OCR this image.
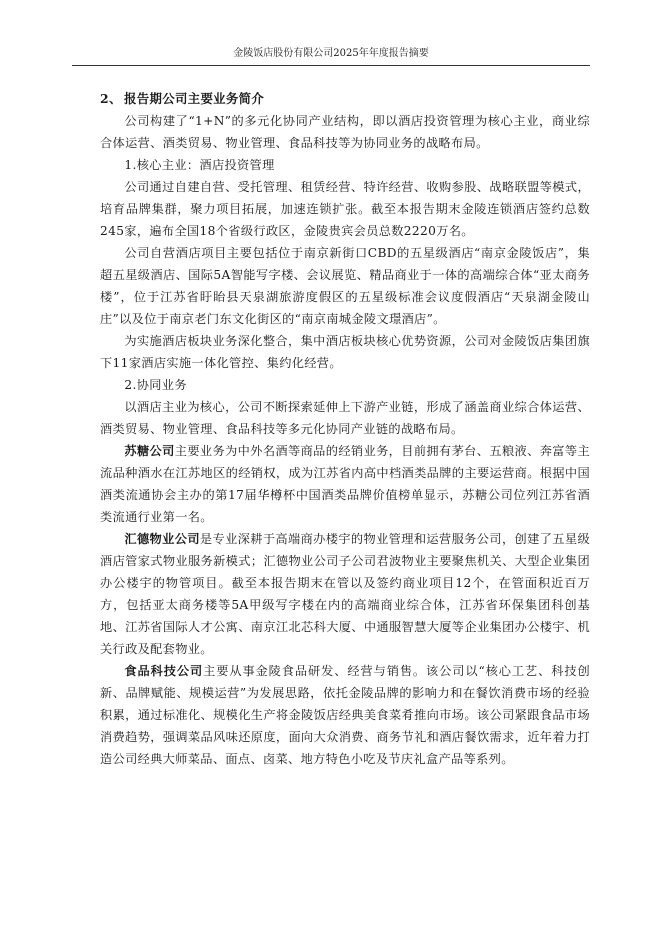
金陵饭店股份有限公司2025年年度报告摘要
2、 报告期公司主要业务简介

公司构建了“1+N”的多元化协同产业结构，即以酒店投资管理为核心主业，商业综合体运营、酒类贸易、物业管理、食品科技等为协同业务的战略布局。

1.核心主业：酒店投资管理

公司通过自建自营、受托管理、租赁经营、特许经营、收购参股、战略联盟等模式，培育品牌集群，聚力项目拓展，加速连锁扩张。截至本报告期末金陵连锁酒店签约总数245家，遍布全国18个省级行政区，金陵贵宾会员总数2220万名。

公司自营酒店项目主要包括位于南京新街口CBD的五星级酒店“南京金陵饭店”，集超五星级酒店、国际5A智能写字楼、会议展览、精品商业于一体的高端综合体“亚太商务楼”，位于江苏省盱眙县天泉湖旅游度假区的五星级标准会议度假酒店“天泉湖金陵山庄”以及位于南京老门东文化街区的“南京南城金陵文璟酒店”。

为实施酒店板块业务深化整合，集中酒店板块核心优势资源，公司对金陵饭店集团旗下11家酒店实施一体化管控、集约化经营。

2.协同业务

以酒店主业为核心，公司不断探索延伸上下游产业链，形成了涵盖商业综合体运营、酒类贸易、物业管理、食品科技等多元化协同产业链的战略布局。

苏糖公司主要业务为中外名酒等商品的经销业务，目前拥有茅台、五粮液、奔富等主流品种酒水在江苏地区的经销权，成为江苏省内高中档酒类品牌的主要运营商。根据中国酒类流通协会主办的第17届华樽杯中国酒类品牌价值榜单显示，苏糖公司位列江苏省酒类流通行业第一名。

汇德物业公司是专业深耕于高端商办楼宇的物业管理和运营服务公司，创建了五星级酒店管家式物业服务新模式；汇德物业公司子公司君波物业主要聚焦机关、大型企业集团办公楼宇的物管项目。截至本报告期末在管以及签约商业项目12个，在管面积近百万方，包括亚太商务楼等5A甲级写字楼在内的高端商业综合体，江苏省环保集团科创基地、江苏省国际人才公寓、南京江北芯科大厦、中通服智慧大厦等企业集团办公楼宇、机关行政及配套物业。

食品科技公司主要从事金陵食品研发、经营与销售。该公司以“核心工艺、科技创新、品牌赋能、规模运营”为发展思路，依托金陵品牌的影响力和在餐饮消费市场的经验积累，通过标准化、规模化生产将金陵饭店经典美食菜肴推向市场。该公司紧跟食品市场消费趋势，强调菜品风味还原度，面向大众消费、商务节礼和酒店餐饮需求，近年着力打造公司经典大师菜品、面点、卤菜、地方特色小吃及节庆礼盒产品等系列。
